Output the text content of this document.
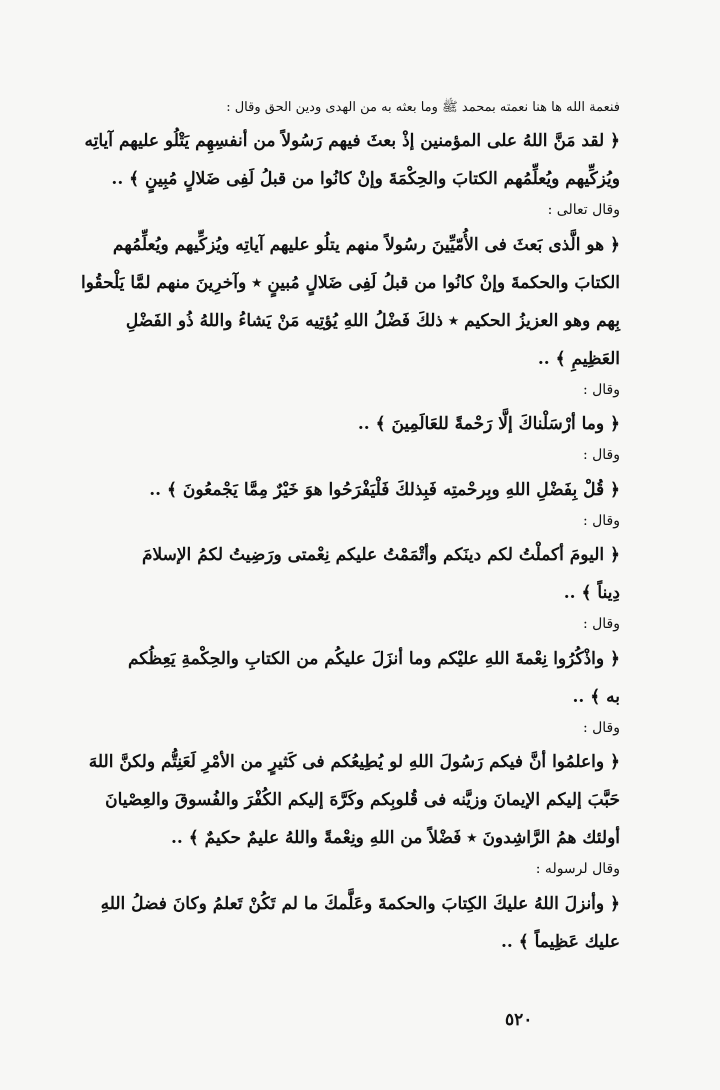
فنعمة الله ها هنا نعمته بمحمد ﷺ وما بعثه به من الهدى ودين الحق وقال :
﴿ لقد مَنَّ اللهُ على المؤمنين إذْ بعثَ فيهم رَسُولاً من أنفسِهِم يَتْلُو عليهم آياتِه
ويُزكِّيهم ويُعلِّمُهم الكتابَ والحِكْمَةَ وإنْ كانُوا من قبلُ لَفِى ضَلالٍ مُبِينٍ ﴾ ..
وقال تعالى :
﴿ هو الَّذى بَعثَ فى الأُمّيِّينَ رسُولاً منهم يتلُو عليهم آياتِه ويُزكِّيهم ويُعلِّمُهم
الكتابَ والحكمةَ وإنْ كانُوا من قبلُ لَفِى ضَلالٍ مُبينٍ ٭ وآخرِينَ منهم لمَّا يَلْحقُوا
بِهم وهو العزيزُ الحكيم ٭ ذلكَ فَضْلُ اللهِ يُؤتِيه مَنْ يَشاءُ واللهُ ذُو الفَضْلِ
العَظِيمِ ﴾ ..
وقال :
﴿ وما أرْسَلْناكَ إلَّا رَحْمةً للعَالَمِينَ ﴾ ..
وقال :
﴿ قُلْ بِفَضْلِ اللهِ وبِرحْمتِه فَبِذلكَ فَلْيَفْرَحُوا هوَ خَيْرٌ مِمَّا يَجْمعُونَ ﴾ ..
وقال :
﴿ اليومَ أكملْتُ لكم دينَكم وأتْمَمْتُ عليكم نِعْمتى ورَضِيتُ لكمُ الإسلامَ
دِيناً ﴾ ..
وقال :
﴿ واذْكُرُوا نِعْمةَ اللهِ عليْكم وما أنزَلَ عليكُم من الكتابِ والحِكْمةِ يَعِظُكم
به ﴾ ..
وقال :
﴿ واعلمُوا أنَّ فيكم رَسُولَ اللهِ لو يُطِيعُكم فى كَثيرٍ من الأمْرِ لَعَنِتُّم ولكنَّ اللهَ
حَبَّبَ إليكم الإيمانَ وزيَّنه فى قُلوبِكم وكَرَّهَ إليكم الكُفْرَ والفُسوقَ والعِصْيانَ
أولئك همُ الرَّاشِدونَ ٭ فَضْلاً من اللهِ ونِعْمةً واللهُ عليمٌ حكيمٌ ﴾ ..
وقال لرسوله :
﴿ وأنزلَ اللهُ عليكَ الكِتابَ والحكمةَ وعَلَّمكَ ما لم تَكُنْ تَعلمُ وكانَ فضلُ اللهِ
عليك عَظِيماً ﴾ ..
٥٢٠
